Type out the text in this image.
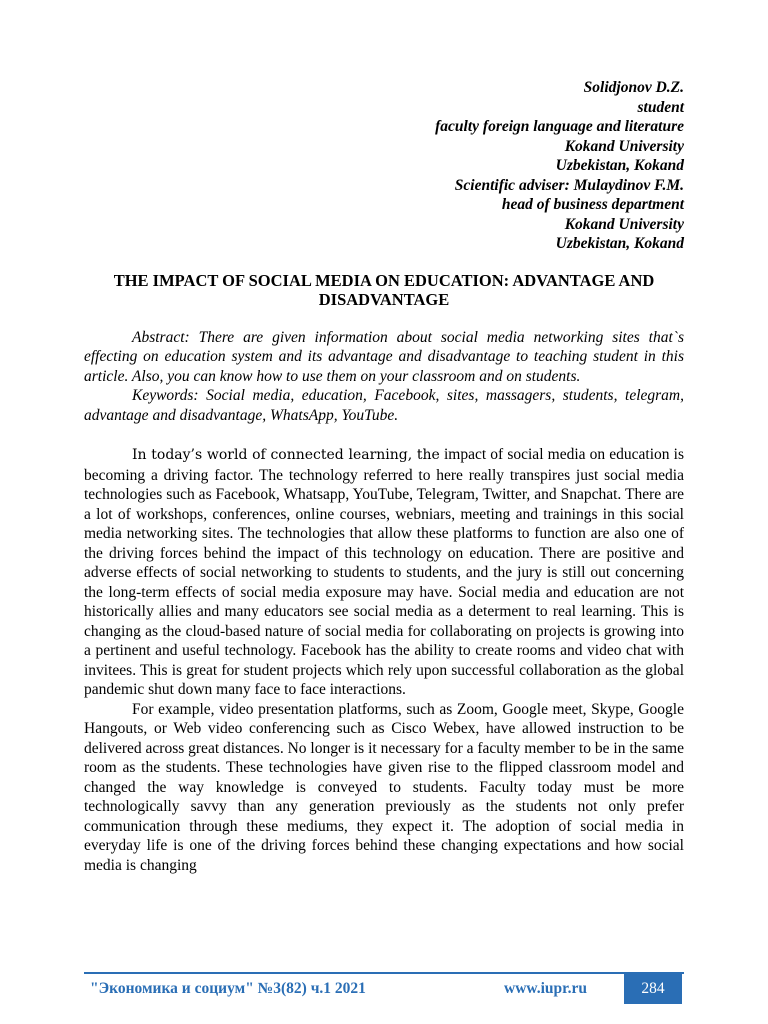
Solidjonov D.Z.
student
faculty foreign language and literature
Kokand University
Uzbekistan, Kokand
Scientific adviser: Mulaydinov F.M.
head of business department
Kokand University
Uzbekistan, Kokand
THE IMPACT OF SOCIAL MEDIA ON EDUCATION: ADVANTAGE AND DISADVANTAGE

Abstract: There are given information about social media networking sites that`s effecting on education system and its advantage and disadvantage to teaching student in this article. Also, you can know how to use them on your classroom and on students.

Keywords: Social media, education, Facebook, sites, massagers, students, telegram, advantage and disadvantage, WhatsApp, YouTube.

In today’s world of connected learning, the impact of social media on education is becoming a driving factor. The technology referred to here really transpires just social media technologies such as Facebook, Whatsapp, YouTube, Telegram, Twitter, and Snapchat. There are a lot of workshops, conferences, online courses, webniars, meeting and trainings in this social media networking sites. The technologies that allow these platforms to function are also one of the driving forces behind the impact of this technology on education. There are positive and adverse effects of social networking to students to students, and the jury is still out concerning the long-term effects of social media exposure may have. Social media and education are not historically allies and many educators see social media as a determent to real learning. This is changing as the cloud-based nature of social media for collaborating on projects is growing into a pertinent and useful technology. Facebook has the ability to create rooms and video chat with invitees. This is great for student projects which rely upon successful collaboration as the global pandemic shut down many face to face interactions.

For example, video presentation platforms, such as Zoom, Google meet, Skype, Google Hangouts, or Web video conferencing such as Cisco Webex, have allowed instruction to be delivered across great distances. No longer is it necessary for a faculty member to be in the same room as the students. These technologies have given rise to the flipped classroom model and changed the way knowledge is conveyed to students. Faculty today must be more technologically savvy than any generation previously as the students not only prefer communication through these mediums, they expect it. The adoption of social media in everyday life is one of the driving forces behind these changing expectations and how social media is changing

"Экономика и социум" №3(82) ч.1 2021	www.iupr.ru	284
